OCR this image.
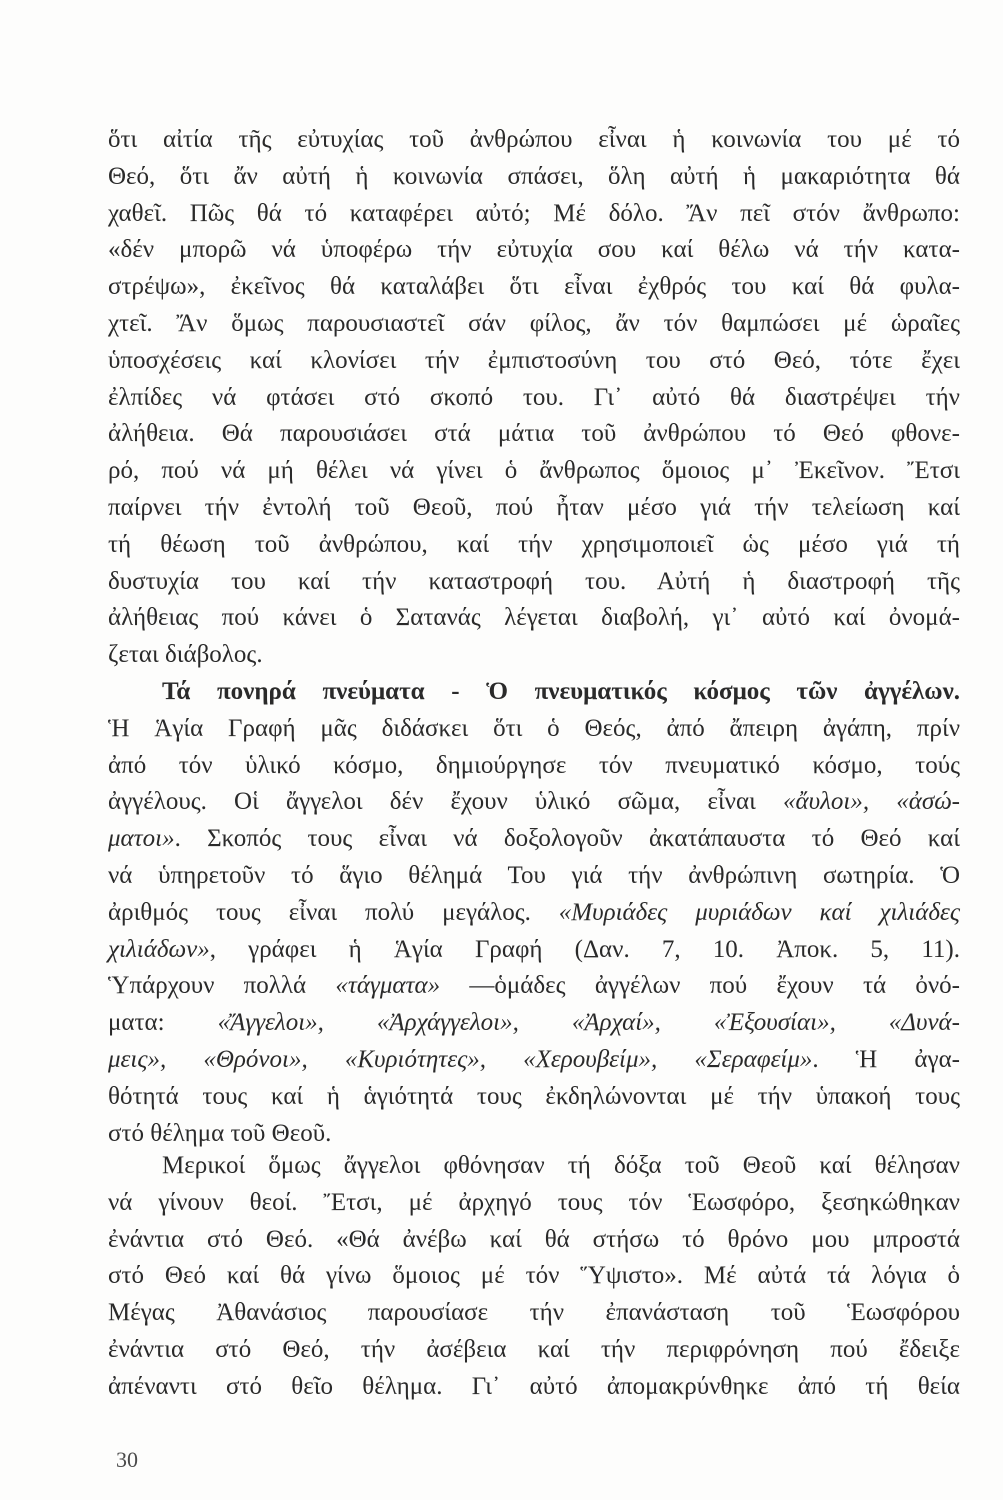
ὅτι αἰτία τῆς εὐτυχίας τοῦ ἀνθρώπου εἶναι ἡ κοινωνία του μέ τό
Θεό, ὅτι ἄν αὐτή ἡ κοινωνία σπάσει, ὅλη αὐτή ἡ μακαριότητα θά
χαθεῖ. Πῶς θά τό καταφέρει αὐτό; Μέ δόλο. Ἄν πεῖ στόν ἄνθρωπο:
«δέν μπορῶ νά ὑποφέρω τήν εὐτυχία σου καί θέλω νά τήν κατα-
στρέψω», ἐκεῖνος θά καταλάβει ὅτι εἶναι ἐχθρός του καί θά φυλα-
χτεῖ. Ἄν ὅμως παρουσιαστεῖ σάν φίλος, ἄν τόν θαμπώσει μέ ὡραῖες
ὑποσχέσεις καί κλονίσει τήν ἐμπιστοσύνη του στό Θεό, τότε ἔχει
ἐλπίδες νά φτάσει στό σκοπό του. Γι᾽ αὐτό θά διαστρέψει τήν
ἀλήθεια. Θά παρουσιάσει στά μάτια τοῦ ἀνθρώπου τό Θεό φθονε-
ρό, πού νά μή θέλει νά γίνει ὁ ἄνθρωπος ὅμοιος μ᾽ Ἐκεῖνον. Ἔτσι
παίρνει τήν ἐντολή τοῦ Θεοῦ, πού ἦταν μέσο γιά τήν τελείωση καί
τή θέωση τοῦ ἀνθρώπου, καί τήν χρησιμοποιεῖ ὡς μέσο γιά τή
δυστυχία του καί τήν καταστροφή του. Αὐτή ἡ διαστροφή τῆς
ἀλήθειας πού κάνει ὁ Σατανάς λέγεται διαβολή, γι᾽ αὐτό καί ὀνομά-
ζεται διάβολος.
Τά πονηρά πνεύματα - Ὁ πνευματικός κόσμος τῶν ἀγγέλων.
Ἡ Ἁγία Γραφή μᾶς διδάσκει ὅτι ὁ Θεός, ἀπό ἄπειρη ἀγάπη, πρίν
ἀπό τόν ὑλικό κόσμο, δημιούργησε τόν πνευματικό κόσμο, τούς
ἀγγέλους. Οἱ ἄγγελοι δέν ἔχουν ὑλικό σῶμα, εἶναι «ἄυλοι», «ἀσώ-
ματοι». Σκοπός τους εἶναι νά δοξολογοῦν ἀκατάπαυστα τό Θεό καί
νά ὑπηρετοῦν τό ἅγιο θέλημά Του γιά τήν ἀνθρώπινη σωτηρία. Ὁ
ἀριθμός τους εἶναι πολύ μεγάλος. «Μυριάδες μυριάδων καί χιλιάδες
χιλιάδων», γράφει ἡ Ἁγία Γραφή (Δαν. 7, 10. Ἀποκ. 5, 11).
Ὑπάρχουν πολλά «τάγματα» —ὁμάδες ἀγγέλων πού ἔχουν τά ὀνό-
ματα: «Ἄγγελοι», «Ἀρχάγγελοι», «Ἀρχαί», «Ἐξουσίαι», «Δυνά-
μεις», «Θρόνοι», «Κυριότητες», «Χερουβείμ», «Σεραφείμ». Ἡ ἀγα-
θότητά τους καί ἡ ἁγιότητά τους ἐκδηλώνονται μέ τήν ὑπακοή τους
στό θέλημα τοῦ Θεοῦ.
Μερικοί ὅμως ἄγγελοι φθόνησαν τή δόξα τοῦ Θεοῦ καί θέλησαν
νά γίνουν θεοί. Ἔτσι, μέ ἀρχηγό τους τόν Ἑωσφόρο, ξεσηκώθηκαν
ἐνάντια στό Θεό. «Θά ἀνέβω καί θά στήσω τό θρόνο μου μπροστά
στό Θεό καί θά γίνω ὅμοιος μέ τόν Ὕψιστο». Μέ αὐτά τά λόγια ὁ
Μέγας Ἀθανάσιος παρουσίασε τήν ἐπανάσταση τοῦ Ἑωσφόρου
ἐνάντια στό Θεό, τήν ἀσέβεια καί τήν περιφρόνηση πού ἔδειξε
ἀπέναντι στό θεῖο θέλημα. Γι᾽ αὐτό ἀπομακρύνθηκε ἀπό τή θεία
30
